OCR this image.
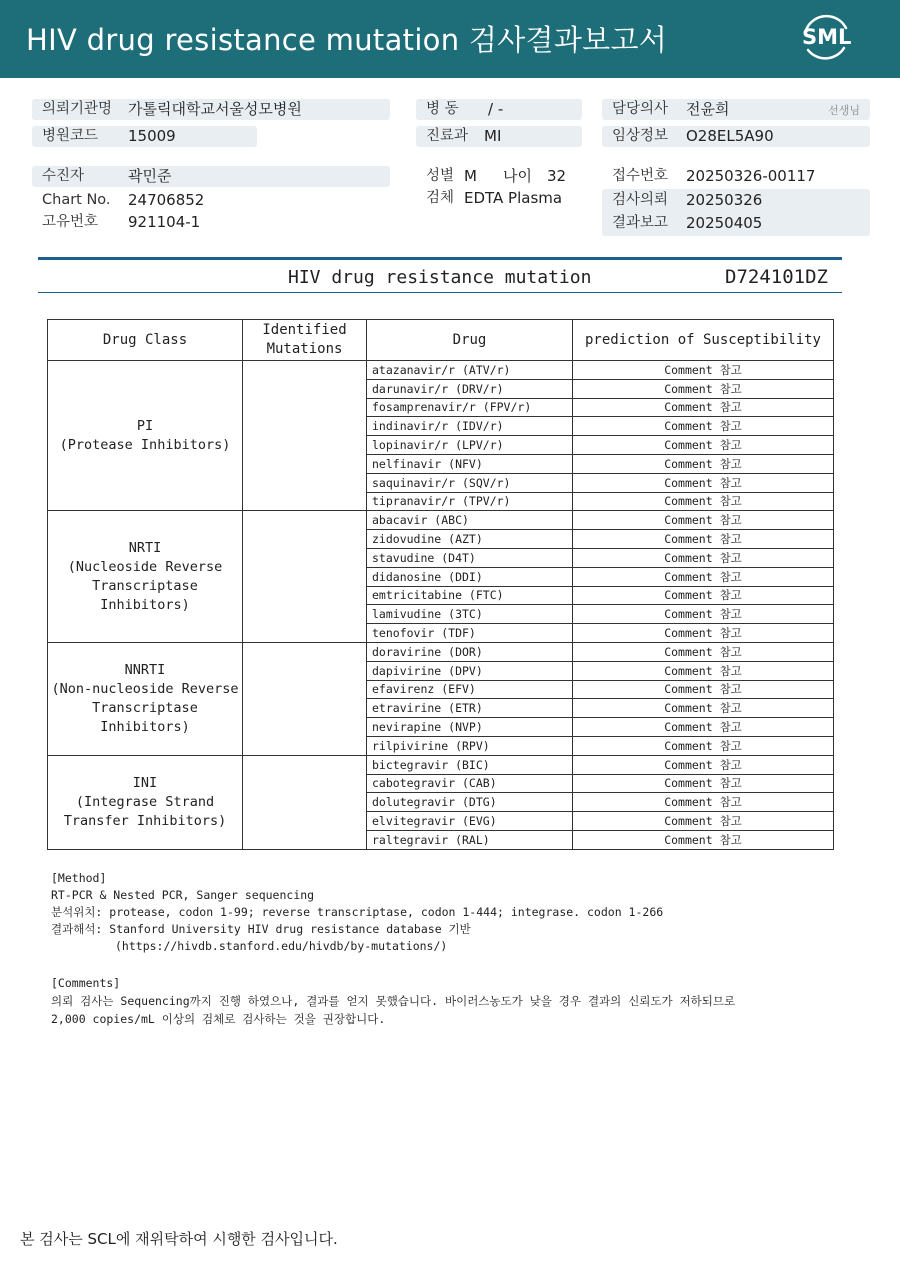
HIV drug resistance mutation 검사결과보고서	SML
의뢰기관명 가톨릭대학교서울성모병원
병원코드 15009
수진자	곽민준
Chart No. 24706852
고유번호 921104-1
병 동 / -
진료과 MI
성별 M 나이 32
검체 EDTA Plasma
담당의사 전윤희	선생님
임상정보 O28EL5A90
접수번호 20250326-00117
검사의뢰 20250326
결과보고 20250405
HIV drug resistance mutation	D724101DZ
Drug Class	Identified
Mutations	Drug	prediction of Susceptibility
PI
(Protease Inhibitors)		atazanavir/r (ATV/r)	Comment 참고
		darunavir/r (DRV/r)	Comment 참고
		fosamprenavir/r (FPV/r)	Comment 참고
		indinavir/r (IDV/r)	Comment 참고
		lopinavir/r (LPV/r)	Comment 참고
		nelfinavir (NFV)	Comment 참고
		saquinavir/r (SQV/r)	Comment 참고
		tipranavir/r (TPV/r)	Comment 참고
NRTI
(Nucleoside Reverse
Transcriptase Inhibitors)		abacavir (ABC)	Comment 참고
		zidovudine (AZT)	Comment 참고
		stavudine (D4T)	Comment 참고
		didanosine (DDI)	Comment 참고
		emtricitabine (FTC)	Comment 참고
		lamivudine (3TC)	Comment 참고
		tenofovir (TDF)	Comment 참고
NNRTI
(Non-nucleoside Reverse
Transcriptase Inhibitors)		doravirine (DOR)	Comment 참고
		dapivirine (DPV)	Comment 참고
		efavirenz (EFV)	Comment 참고
		etravirine (ETR)	Comment 참고
		nevirapine (NVP)	Comment 참고
		rilpivirine (RPV)	Comment 참고
INI
(Integrase Strand
Transfer Inhibitors)		bictegravir (BIC)	Comment 참고
		cabotegravir (CAB)	Comment 참고
		dolutegravir (DTG)	Comment 참고
		elvitegravir (EVG)	Comment 참고
		raltegravir (RAL)	Comment 참고
[Method]
RT-PCR & Nested PCR, Sanger sequencing
분석위치: protease, codon 1-99; reverse transcriptase, codon 1-444; integrase. codon 1-266
결과해석: Stanford University HIV drug resistance database 기반
(https://hivdb.stanford.edu/hivdb/by-mutations/)
[Comments]
의뢰 검사는 Sequencing까지 진행 하였으나, 결과를 얻지 못했습니다. 바이러스농도가 낮을 경우 결과의 신뢰도가 저하되므로
2,000 copies/mL 이상의 검체로 검사하는 것을 권장합니다.
본 검사는 SCL에 재위탁하여 시행한 검사입니다.
